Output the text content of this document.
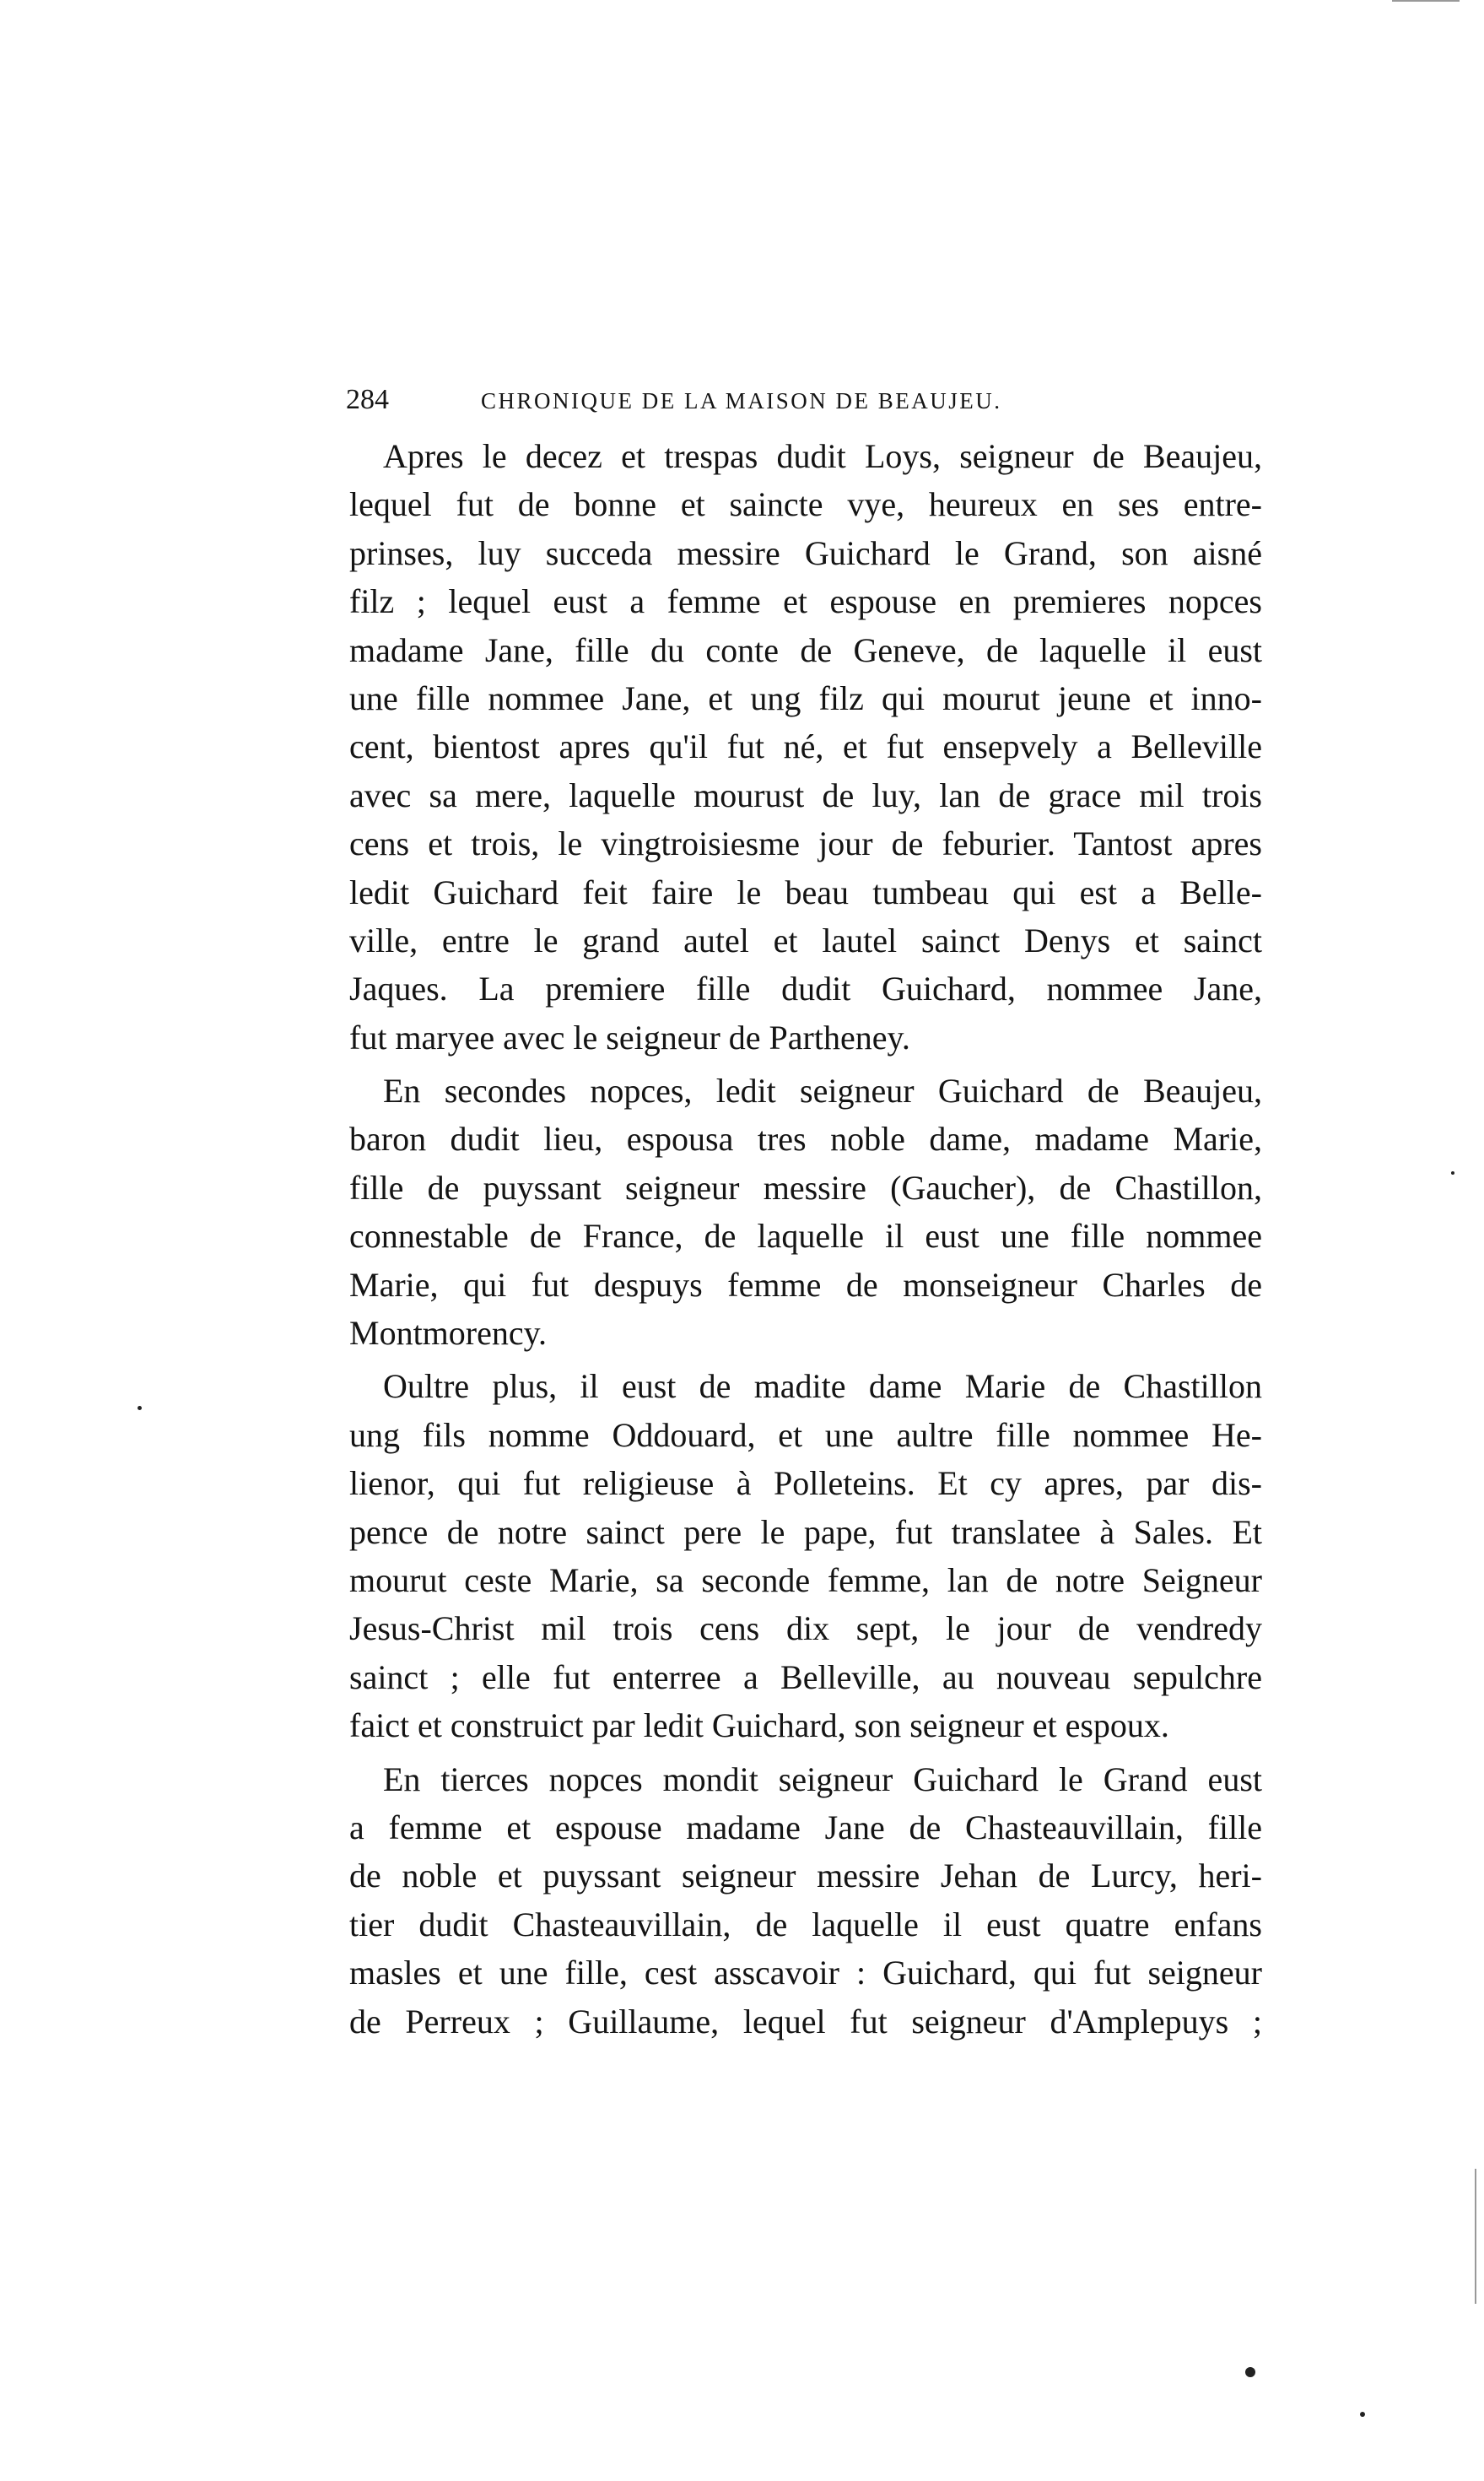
284	CHRONIQUE DE LA MAISON DE BEAUJEU.
Apres le decez et trespas dudit Loys, seigneur de Beaujeu,
lequel fut de bonne et saincte vye, heureux en ses entre-
prinses, luy succeda messire Guichard le Grand, son aisné
filz ; lequel eust a femme et espouse en premieres nopces
madame Jane, fille du conte de Geneve, de laquelle il eust
une fille nommee Jane, et ung filz qui mourut jeune et inno-
cent, bientost apres qu'il fut né, et fut ensepvely a Belleville
avec sa mere, laquelle mourust de luy, lan de grace mil trois
cens et trois, le vingtroisiesme jour de feburier. Tantost apres
ledit Guichard feit faire le beau tumbeau qui est a Belle-
ville, entre le grand autel et lautel sainct Denys et sainct
Jaques. La premiere fille dudit Guichard, nommee Jane,
fut maryee avec le seigneur de Partheney.
En secondes nopces, ledit seigneur Guichard de Beaujeu,
baron dudit lieu, espousa tres noble dame, madame Marie,
fille de puyssant seigneur messire (Gaucher), de Chastillon,
connestable de France, de laquelle il eust une fille nommee
Marie, qui fut despuys femme de monseigneur Charles de
Montmorency.
Oultre plus, il eust de madite dame Marie de Chastillon
ung fils nomme Oddouard, et une aultre fille nommee He-
lienor, qui fut religieuse à Polleteins. Et cy apres, par dis-
pence de notre sainct pere le pape, fut translatee à Sales. Et
mourut ceste Marie, sa seconde femme, lan de notre Seigneur
Jesus-Christ mil trois cens dix sept, le jour de vendredy
sainct ; elle fut enterree a Belleville, au nouveau sepulchre
faict et construict par ledit Guichard, son seigneur et espoux.
En tierces nopces mondit seigneur Guichard le Grand eust
a femme et espouse madame Jane de Chasteauvillain, fille
de noble et puyssant seigneur messire Jehan de Lurcy, heri-
tier dudit Chasteauvillain, de laquelle il eust quatre enfans
masles et une fille, cest asscavoir : Guichard, qui fut seigneur
de Perreux ; Guillaume, lequel fut seigneur d'Amplepuys ;
